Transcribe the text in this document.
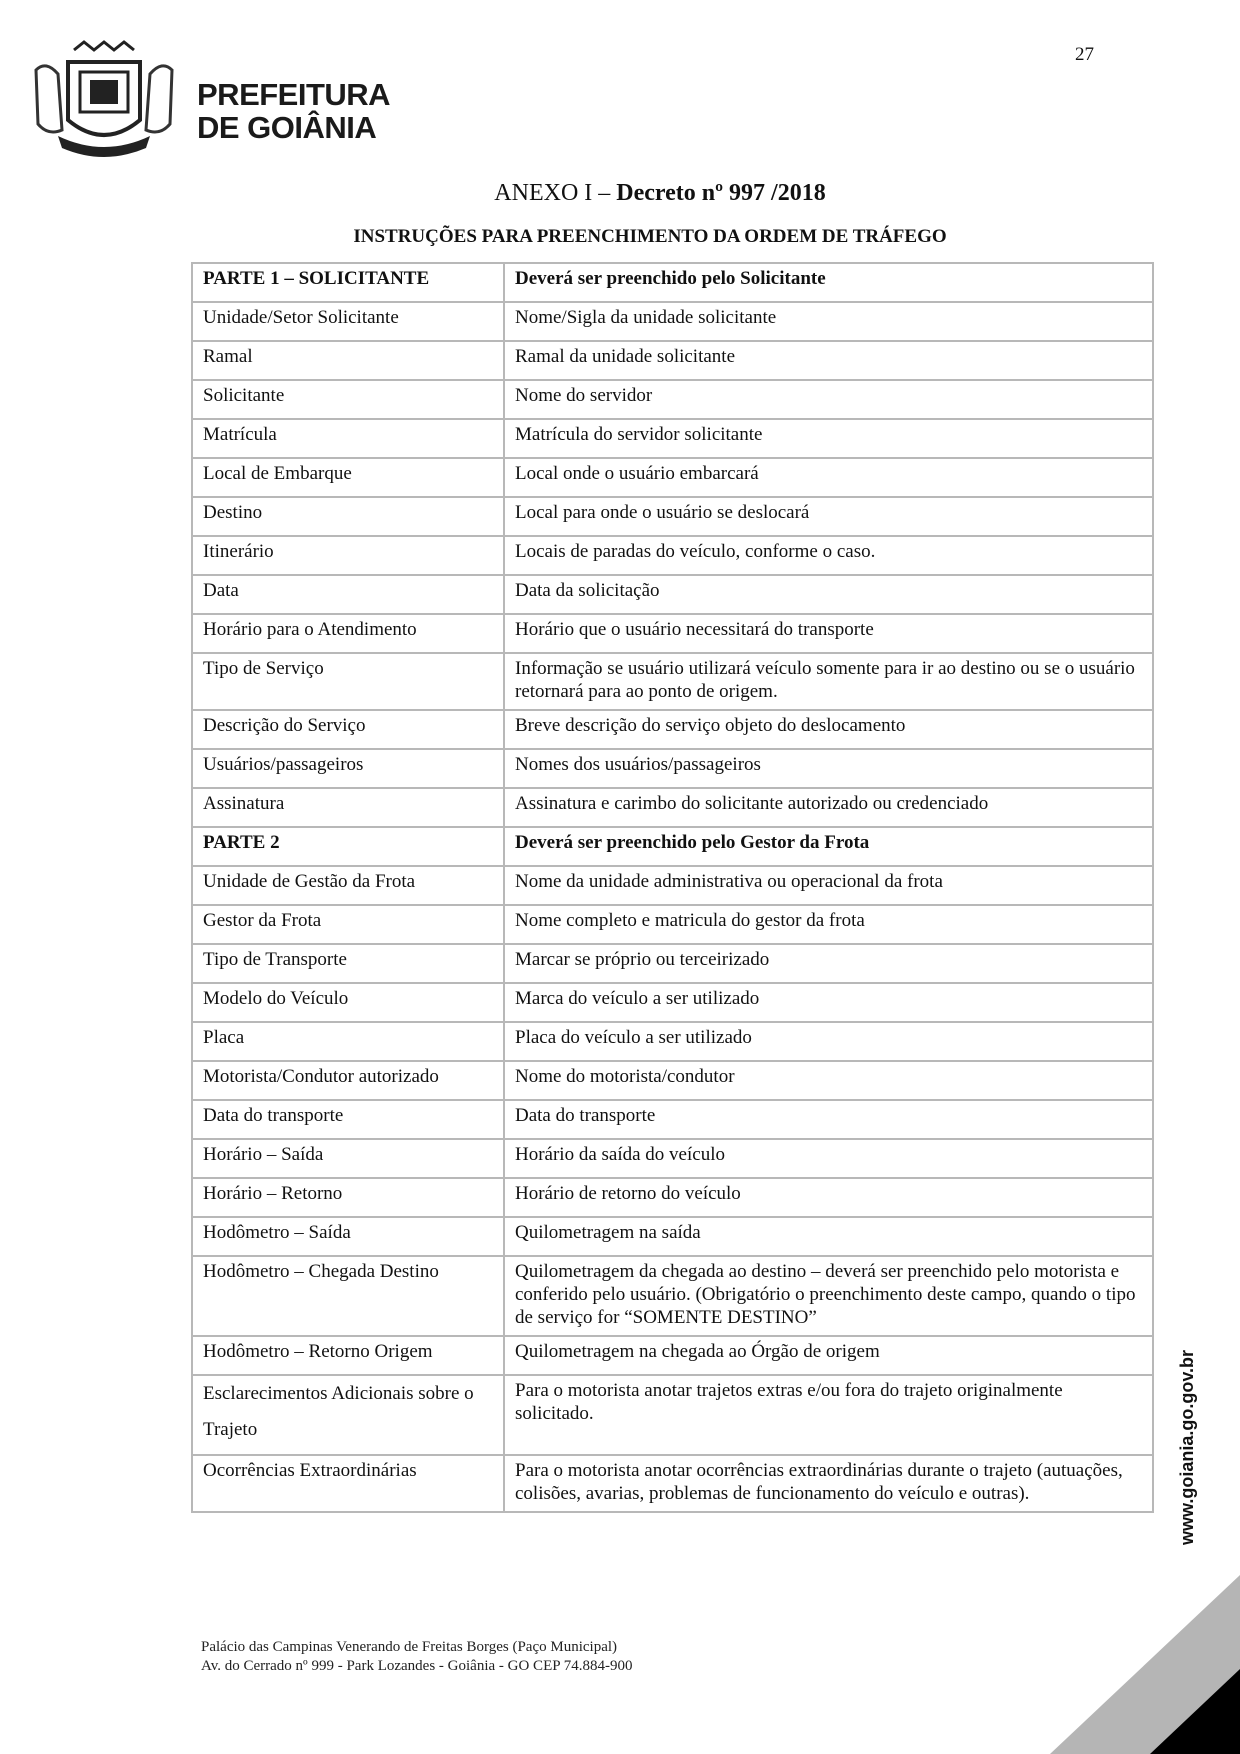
27
PREFEITURA
DE GOIÂNIA
ANEXO I – Decreto nº 997 /2018
INSTRUÇÕES PARA PREENCHIMENTO DA ORDEM DE TRÁFEGO
PARTE 1 – SOLICITANTE	Deverá ser preenchido pelo Solicitante
Unidade/Setor Solicitante	Nome/Sigla da unidade solicitante
Ramal	Ramal da unidade solicitante
Solicitante	Nome do servidor
Matrícula	Matrícula do servidor solicitante
Local de Embarque	Local onde o usuário embarcará
Destino	Local para onde o usuário se deslocará
Itinerário	Locais de paradas do veículo, conforme o caso.
Data	Data da solicitação
Horário para o Atendimento	Horário que o usuário necessitará do transporte
Tipo de Serviço	Informação se usuário utilizará veículo somente para ir ao destino ou se o usuário retornará para ao ponto de origem.
Descrição do Serviço	Breve descrição do serviço objeto do deslocamento
Usuários/passageiros	Nomes dos usuários/passageiros
Assinatura	Assinatura e carimbo do solicitante autorizado ou credenciado
PARTE 2	Deverá ser preenchido pelo Gestor da Frota
Unidade de Gestão da Frota	Nome da unidade administrativa ou operacional da frota
Gestor da Frota	Nome completo e matricula do gestor da frota
Tipo de Transporte	Marcar se próprio ou terceirizado
Modelo do Veículo	Marca do veículo a ser utilizado
Placa	Placa do veículo a ser utilizado
Motorista/Condutor autorizado	Nome do motorista/condutor
Data do transporte	Data do transporte
Horário – Saída	Horário da saída do veículo
Horário – Retorno	Horário de retorno do veículo
Hodômetro – Saída	Quilometragem na saída
Hodômetro – Chegada Destino	Quilometragem da chegada ao destino – deverá ser preenchido pelo motorista e conferido pelo usuário. (Obrigatório o preenchimento deste campo, quando o tipo de serviço for “SOMENTE DESTINO”
Hodômetro – Retorno Origem	Quilometragem na chegada ao Órgão de origem
Esclarecimentos Adicionais sobre o Trajeto	Para o motorista anotar trajetos extras e/ou fora do trajeto originalmente solicitado.
Ocorrências Extraordinárias	Para o motorista anotar ocorrências extraordinárias durante o trajeto (autuações, colisões, avarias, problemas de funcionamento do veículo e outras).	www.goiania.go.gov.br
Palácio das Campinas Venerando de Freitas Borges (Paço Municipal)
Av. do Cerrado nº 999 - Park Lozandes - Goiânia - GO CEP 74.884-900
